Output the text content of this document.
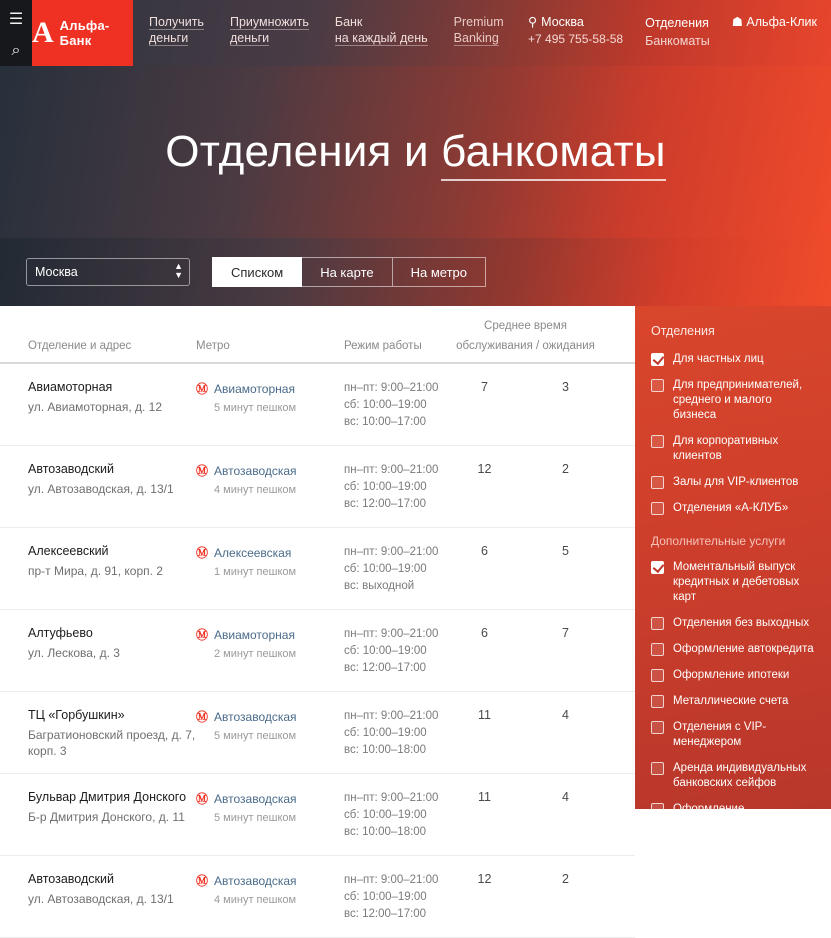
☰
⌕
А Альфа-Банк
Получить
деньги
Приумножить
деньги
Банк
на каждый день
Premium
Banking
⚲ Москва
+7 495 755-58-58
Отделения
Банкоматы
☗ Альфа-Клик
Отделения и банкоматы
Москва
▲
▼	Списком	На карте	На метро
Отделение и адрес	Метро	Режим работы
Среднее время
обслуживания / ожидания
Авиамоторная
ул. Авиамоторная, д. 12
Ⓜ Авиамоторная
5 минут пешком
пн–пт: 9:00–21:00
сб: 10:00–19:00
вс: 10:00–17:00
7	3
Автозаводский
ул. Автозаводская, д. 13/1
Ⓜ Автозаводская
4 минут пешком
пн–пт: 9:00–21:00
сб: 10:00–19:00
вс: 12:00–17:00
12	2
Алексеевский
пр-т Мира, д. 91, корп. 2
Ⓜ Алексеевская
1 минут пешком
пн–пт: 9:00–21:00
сб: 10:00–19:00
вс: выходной
6	5
Алтуфьево
ул. Лескова, д. 3
Ⓜ Авиамоторная
2 минут пешком
пн–пт: 9:00–21:00
сб: 10:00–19:00
вс: 12:00–17:00
6	7
ТЦ «Горбушкин»
Багратионовский проезд, д. 7, корп. 3
Ⓜ Автозаводская
5 минут пешком
пн–пт: 9:00–21:00
сб: 10:00–19:00
вс: 10:00–18:00
11	4
Бульвар Дмитрия Донского
Б-р Дмитрия Донского, д. 11
Ⓜ Автозаводская
5 минут пешком
пн–пт: 9:00–21:00
сб: 10:00–19:00
вс: 10:00–18:00
11	4
Автозаводский
ул. Автозаводская, д. 13/1
Ⓜ Автозаводская
4 минут пешком
пн–пт: 9:00–21:00
сб: 10:00–19:00
вс: 12:00–17:00
12	2
Отделения
Для частных лиц
Для предпринимателей, среднего и малого бизнеса
Для корпоративных клиентов
Залы для VIP-клиентов
Отделения «А-КЛУБ»
Дополнительные услуги
Моментальный выпуск кредитных и дебетовых карт
Отделения без выходных
Оформление автокредита
Оформление ипотеки
Металлические счета
Отделения с VIP-менеджером
Аренда индивидуальных банковских сейфов
Оформление инвестиционных продуктов
Агентский пункт по размещению и выкупу паев
